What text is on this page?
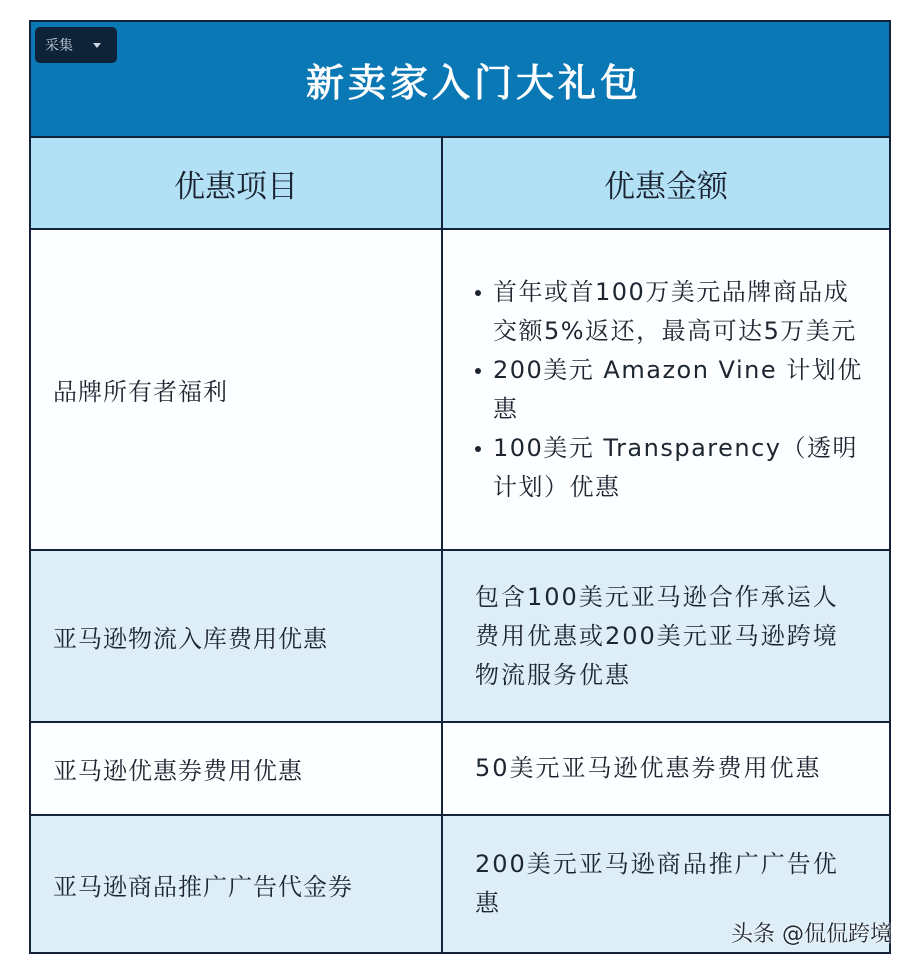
采集
新卖家入门大礼包
优惠项目	优惠金额
品牌所有者福利
首年或首100万美元品牌商品成交额5%返还，最高可达5万美元
200美元 Amazon Vine 计划优惠
100美元 Transparency（透明计划）优惠
亚马逊物流入库费用优惠
包含100美元亚马逊合作承运人费用优惠或200美元亚马逊跨境物流服务优惠
亚马逊优惠券费用优惠	50美元亚马逊优惠券费用优惠
亚马逊商品推广广告代金券
200美元亚马逊商品推广广告优惠
头条 @侃侃跨境
